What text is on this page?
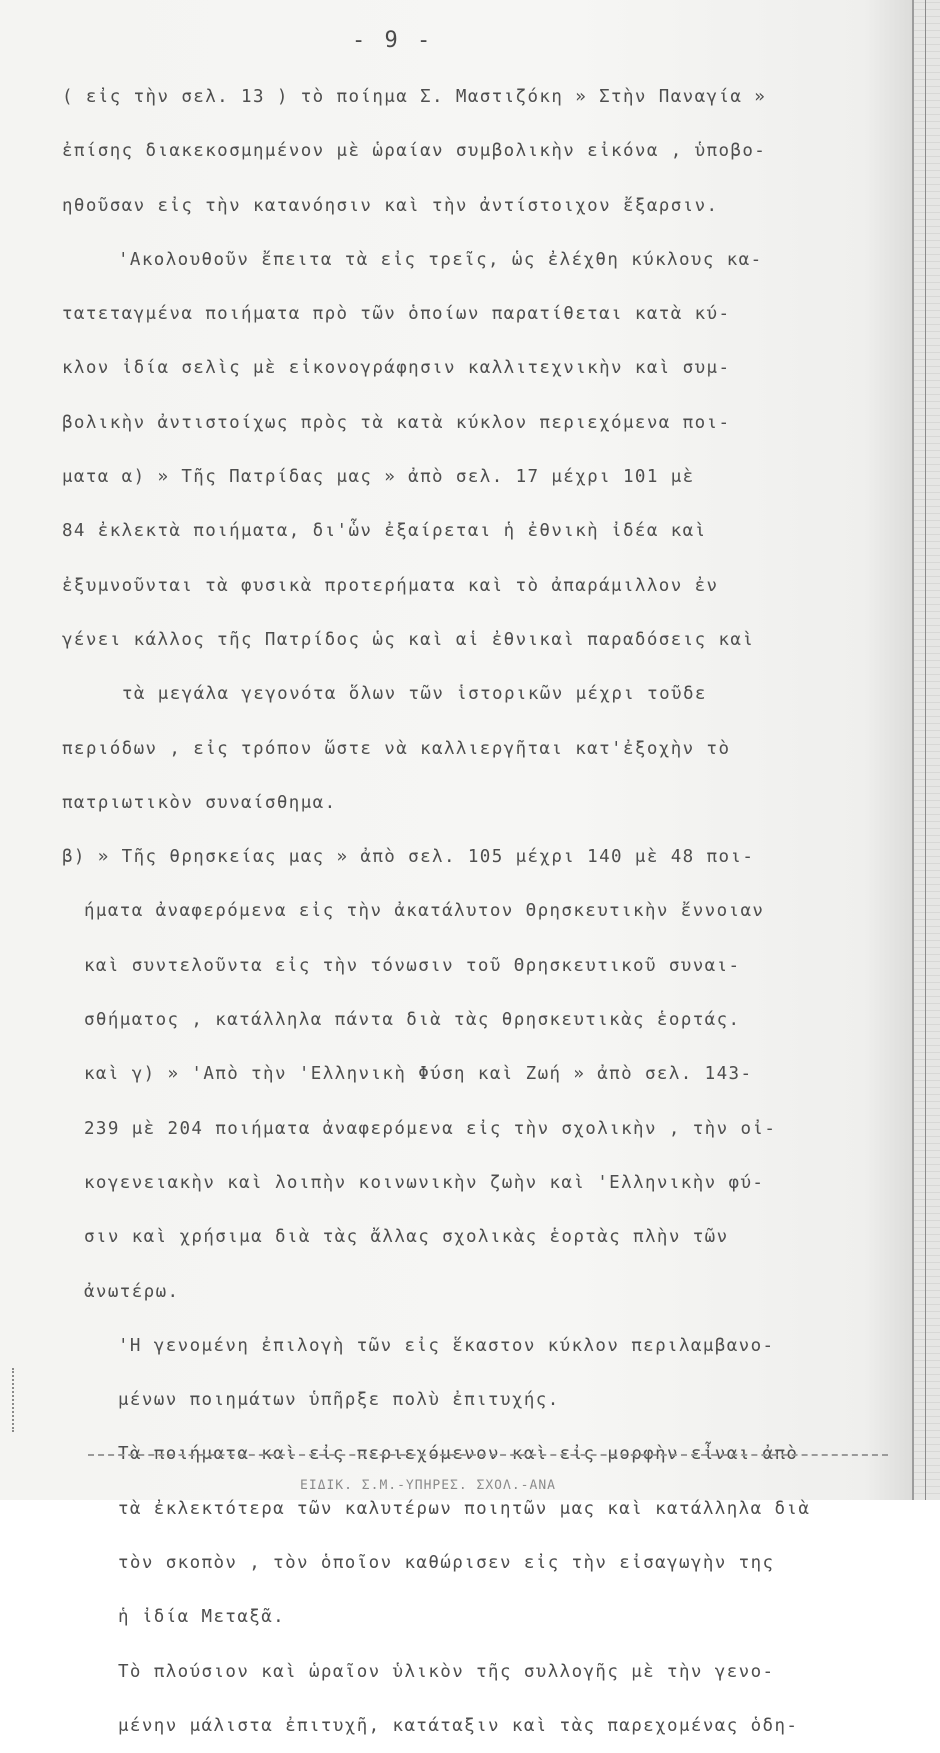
- 9 -
( εἰς τὴν σελ. 13 ) τὸ ποίημα Σ. Μαστιζόκη » Στὴν Παναγία »
ἐπίσης διακεκοσμημένον μὲ ὡραίαν συμβολικὴν εἰκόνα , ὑποβο-
ηθοῦσαν εἰς τὴν κατανόησιν καὶ τὴν ἀντίστοιχον ἔξαρσιν.
'Ακολουθοῦν ἔπειτα τὰ εἰς τρεῖς, ὡς ἐλέχθη κύκλους κα-
τατεταγμένα ποιήματα πρὸ τῶν ὁποίων παρατίθεται κατὰ κύ-
κλον ἰδία σελὶς μὲ εἰκονογράφησιν καλλιτεχνικὴν καὶ συμ-
βολικὴν ἀντιστοίχως πρὸς τὰ κατὰ κύκλον περιεχόμενα ποι-
ματα α) » Τῆς Πατρίδας μας » ἀπὸ σελ. 17 μέχρι 101 μὲ
84 ἐκλεκτὰ ποιήματα, δι'ὧν ἐξαίρεται ἡ ἐθνικὴ ἰδέα καὶ
ἐξυμνοῦνται τὰ φυσικὰ προτερήματα καὶ τὸ ἀπαράμιλλον ἐν
γένει κάλλος τῆς Πατρίδος ὡς καὶ αἱ ἐθνικαὶ παραδόσεις καὶ
τὰ μεγάλα γεγονότα ὅλων τῶν ἱστορικῶν μέχρι τοῦδε
περιόδων , εἰς τρόπον ὥστε νὰ καλλιεργῆται κατ'ἐξοχὴν τὸ
πατριωτικὸν συναίσθημα.
β) » Τῆς θρησκείας μας » ἀπὸ σελ. 105 μέχρι 140 μὲ 48 ποι-
ήματα ἀναφερόμενα εἰς τὴν ἀκατάλυτον Θρησκευτικὴν ἔννοιαν
καὶ συντελοῦντα εἰς τὴν τόνωσιν τοῦ Θρησκευτικοῦ συναι-
σθήματος , κατάλληλα πάντα διὰ τὰς θρησκευτικὰς ἑορτάς.
καὶ γ) » 'Απὸ τὴν 'Ελληνικὴ Φύση καὶ Ζωή » ἀπὸ σελ. 143-
239 μὲ 204 ποιήματα ἀναφερόμενα εἰς τὴν σχολικὴν , τὴν οἰ-
κογενειακὴν καὶ λοιπὴν κοινωνικὴν ζωὴν καὶ 'Ελληνικὴν φύ-
σιν καὶ χρήσιμα διὰ τὰς ἄλλας σχολικὰς ἑορτὰς πλὴν τῶν
ἀνωτέρω.
'Η γενομένη ἐπιλογὴ τῶν εἰς ἕκαστον κύκλον περιλαμβανο-
μένων ποιημάτων ὑπῆρξε πολὺ ἐπιτυχής.
Τὰ ποιήματα καὶ εἰς περιεχόμενον καὶ εἰς μορφὴν εἶναι ἀπὸ
τὰ ἐκλεκτότερα τῶν καλυτέρων ποιητῶν μας καὶ κατάλληλα διὰ
τὸν σκοπὸν , τὸν ὁποῖον καθώρισεν εἰς τὴν εἰσαγωγὴν της
ἡ ἰδία Μεταξᾶ.
Τὸ πλούσιον καὶ ὡραῖον ὑλικὸν τῆς συλλογῆς μὲ τὴν γενο-
μένην μάλιστα ἐπιτυχῆ, κατάταξιν καὶ τὰς παρεχομένας ὁδη-
ΕΙΔΙΚ. Σ.Μ.-ΥΠΗΡΕΣ. ΣΧΟΛ.-ΑΝΑ
